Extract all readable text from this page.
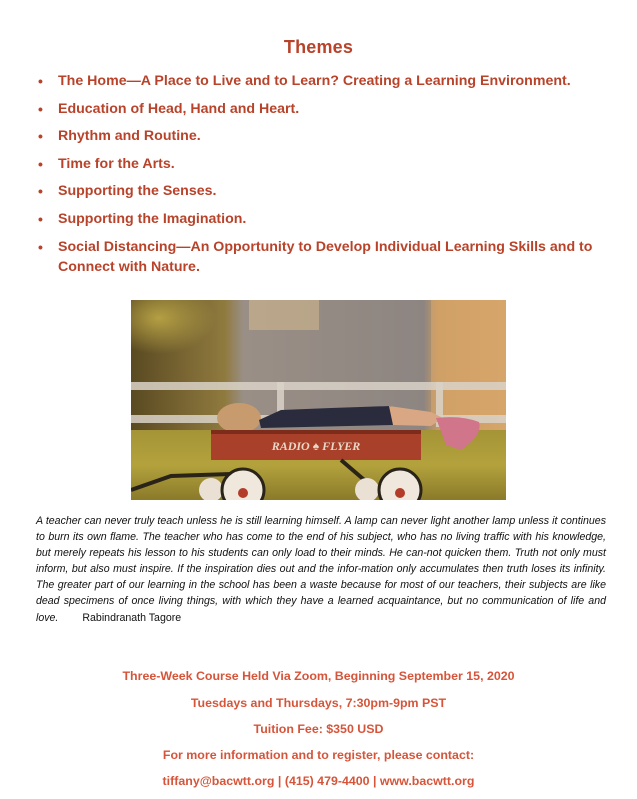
Themes
• The Home—A Place to Live and to Learn? Creating a Learning Environment.
• Education of Head, Hand and Heart.
• Rhythm and Routine.
• Time for the Arts.
• Supporting the Senses.
• Supporting the Imagination.
• Social Distancing—An Opportunity to Develop Individual Learning Skills and to Connect with Nature.
RADIO ♠ FLYER
A teacher can never truly teach unless he is still learning himself. A lamp can never light another lamp unless it continues to burn its own flame. The teacher who has come to the end of his subject, who has no living traffic with his knowledge, but merely repeats his lesson to his students can only load to their minds. He can-not quicken them. Truth not only must inform, but also must inspire. If the inspiration dies out and the infor-mation only accumulates then truth loses its infinity. The greater part of our learning in the school has been a waste because for most of our teachers, their subjects are like dead specimens of once living things, with which they have a learned acquaintance, but no communication of life and love. Rabindranath Tagore
Three-Week Course Held Via Zoom, Beginning September 15, 2020
Tuesdays and Thursdays, 7:30pm-9pm PST
Tuition Fee: $350 USD
For more information and to register, please contact:
tiffany@bacwtt.org | (415) 479-4400 | www.bacwtt.org
